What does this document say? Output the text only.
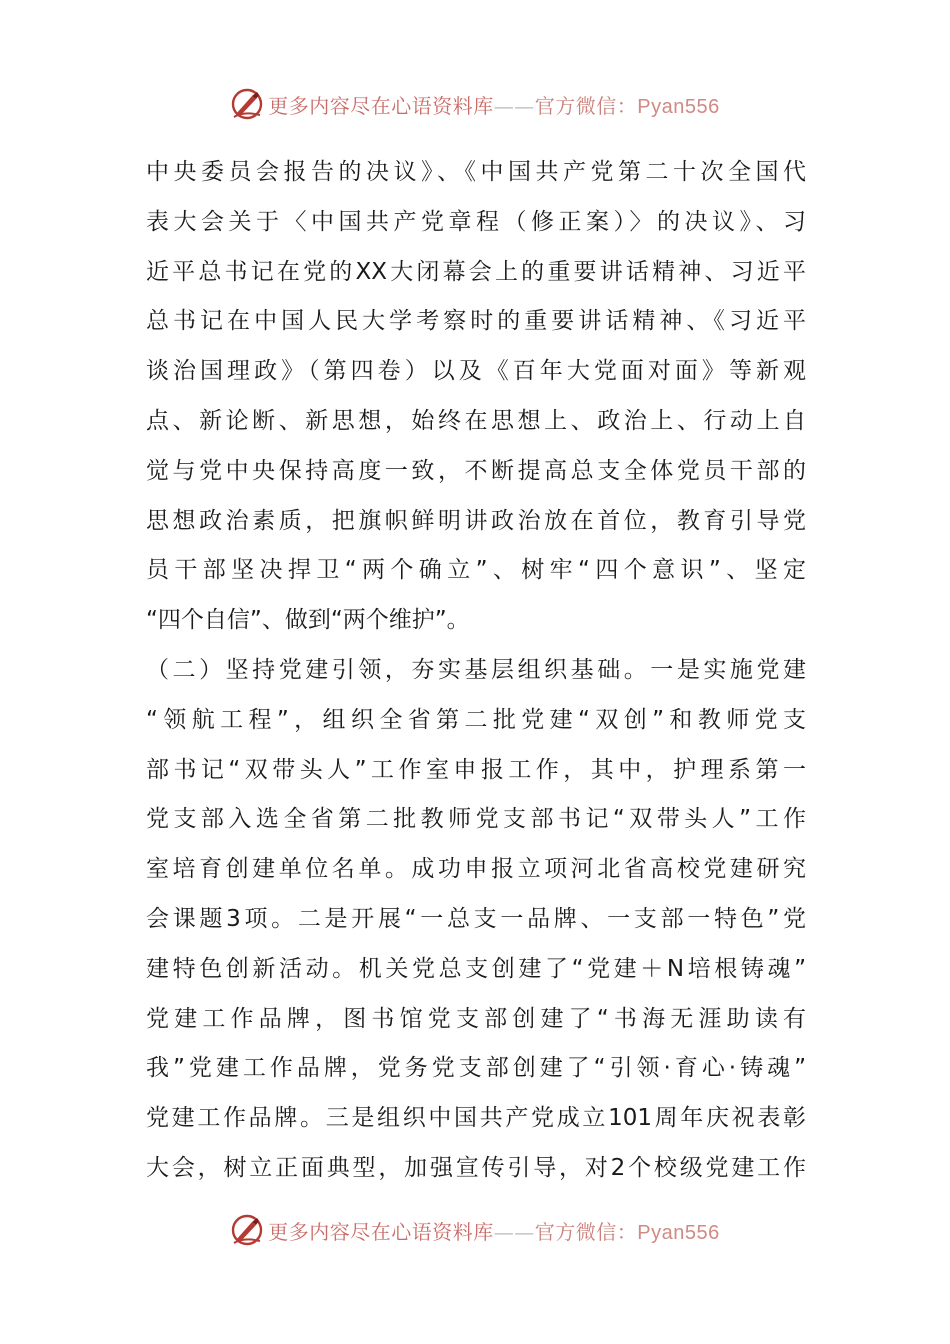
更多内容尽在心语资料库——官方微信：Pyan556
中央委员会报告的决议》、《中国共产党第二十次全国代
表大会关于〈中国共产党章程（修正案）〉的决议》、习
近平总书记在党的XX大闭幕会上的重要讲话精神、习近平
总书记在中国人民大学考察时的重要讲话精神、《习近平
谈治国理政》（第四卷）以及《百年大党面对面》等新观
点、新论断、新思想，始终在思想上、政治上、行动上自
觉与党中央保持高度一致，不断提高总支全体党员干部的
思想政治素质，把旗帜鲜明讲政治放在首位，教育引导党
员干部坚决捍卫“两个确立”、树牢“四个意识”、坚定
“四个自信”、做到“两个维护”。
（二）坚持党建引领，夯实基层组织基础。一是实施党建
“领航工程”，组织全省第二批党建“双创”和教师党支
部书记“双带头人”工作室申报工作，其中，护理系第一
党支部入选全省第二批教师党支部书记“双带头人”工作
室培育创建单位名单。成功申报立项河北省高校党建研究
会课题3项。二是开展“一总支一品牌、一支部一特色”党
建特色创新活动。机关党总支创建了“党建＋N培根铸魂”
党建工作品牌，图书馆党支部创建了“书海无涯助读有
我”党建工作品牌，党务党支部创建了“引领·育心·铸魂”
党建工作品牌。三是组织中国共产党成立101周年庆祝表彰
大会，树立正面典型，加强宣传引导，对2个校级党建工作
更多内容尽在心语资料库——官方微信：Pyan556
